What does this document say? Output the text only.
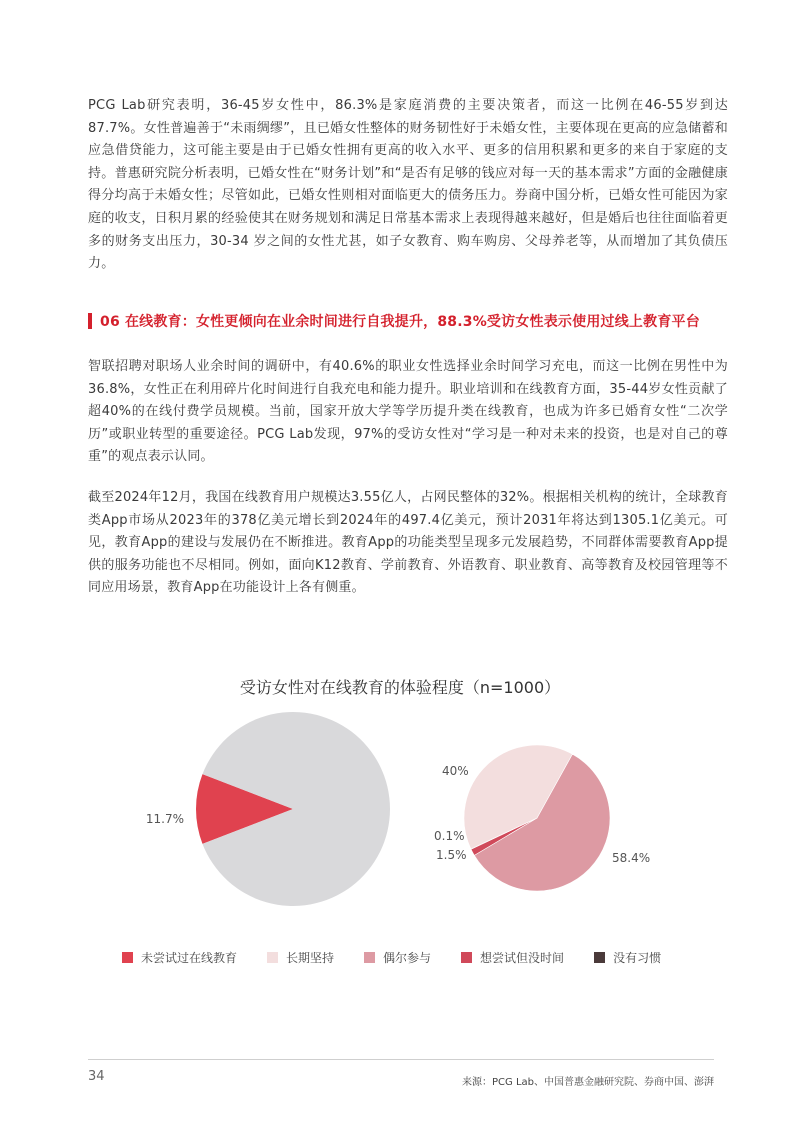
PCG Lab研究表明，36-45岁女性中，86.3%是家庭消费的主要决策者，而这一比例在46-55岁到达87.7%。女性普遍善于“未雨绸缪”，且已婚女性整体的财务韧性好于未婚女性，主要体现在更高的应急储蓄和应急借贷能力，这可能主要是由于已婚女性拥有更高的收入水平、更多的信用积累和更多的来自于家庭的支持。普惠研究院分析表明，已婚女性在“财务计划”和“是否有足够的钱应对每一天的基本需求”方面的金融健康得分均高于未婚女性；尽管如此，已婚女性则相对面临更大的债务压力。券商中国分析，已婚女性可能因为家庭的收支，日积月累的经验使其在财务规划和满足日常基本需求上表现得越来越好，但是婚后也往往面临着更多的财务支出压力，30-34 岁之间的女性尤甚，如子女教育、购车购房、父母养老等，从而增加了其负债压力。

06 在线教育：女性更倾向在业余时间进行自我提升，88.3%受访女性表示使用过线上教育平台

智联招聘对职场人业余时间的调研中，有40.6%的职业女性选择业余时间学习充电，而这一比例在男性中为36.8%，女性正在利用碎片化时间进行自我充电和能力提升。职业培训和在线教育方面，35-44岁女性贡献了超40%的在线付费学员规模。当前，国家开放大学等学历提升类在线教育，也成为许多已婚育女性“二次学历”或职业转型的重要途径。PCG Lab发现，97%的受访女性对“学习是一种对未来的投资，也是对自己的尊重”的观点表示认同。

截至2024年12月，我国在线教育用户规模达3.55亿人，占网民整体的32%。根据相关机构的统计，全球教育类App市场从2023年的378亿美元增长到2024年的497.4亿美元，预计2031年将达到1305.1亿美元。可见，教育App的建设与发展仍在不断推进。教育App的功能类型呈现多元发展趋势，不同群体需要教育App提供的服务功能也不尽相同。例如，面向K12教育、学前教育、外语教育、职业教育、高等教育及校园管理等不同应用场景，教育App在功能设计上各有侧重。

受访女性对在线教育的体验程度（n=1000）
11.7%
40%
58.4%
1.5%
0.1%
未尝试过在线教育	长期坚持	偶尔参与	想尝试但没时间	没有习惯
34	来源：PCG Lab、中国普惠金融研究院、券商中国、澎湃
